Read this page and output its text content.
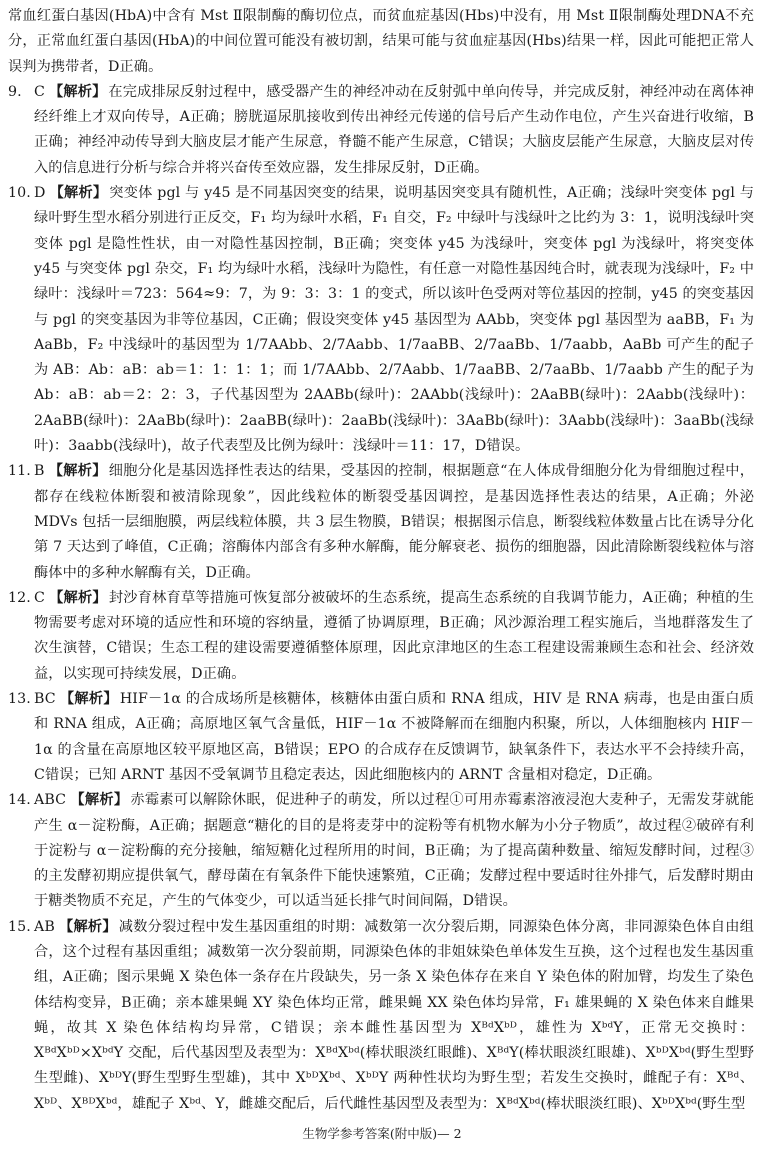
常血红蛋白基因(HbA)中含有 Mst Ⅱ限制酶的酶切位点，而贫血症基因(Hbs)中没有，用 Mst Ⅱ限制酶处理DNA不充分，正常血红蛋白基因(HbA)的中间位置可能没有被切割，结果可能与贫血症基因(Hbs)结果一样，因此可能把正常人误判为携带者，D正确。

9. C 【解析】 在完成排尿反射过程中，感受器产生的神经冲动在反射弧中单向传导，并完成反射，神经冲动在离体神经纤维上才双向传导，A正确；膀胱逼尿肌接收到传出神经元传递的信号后产生动作电位，产生兴奋进行收缩，B正确；神经冲动传导到大脑皮层才能产生尿意，脊髓不能产生尿意，C错误；大脑皮层能产生尿意，大脑皮层对传入的信息进行分析与综合并将兴奋传至效应器，发生排尿反射，D正确。

10. D 【解析】 突变体 pgl 与 y45 是不同基因突变的结果，说明基因突变具有随机性，A正确；浅绿叶突变体 pgl 与绿叶野生型水稻分别进行正反交，F₁ 均为绿叶水稻，F₁ 自交，F₂ 中绿叶与浅绿叶之比约为 3：1，说明浅绿叶突变体 pgl 是隐性性状，由一对隐性基因控制，B正确；突变体 y45 为浅绿叶，突变体 pgl 为浅绿叶，将突变体 y45 与突变体 pgl 杂交，F₁ 均为绿叶水稻，浅绿叶为隐性，有任意一对隐性基因纯合时，就表现为浅绿叶，F₂ 中绿叶：浅绿叶＝723：564≈9：7，为 9：3：3：1 的变式，所以该叶色受两对等位基因的控制，y45 的突变基因与 pgl 的突变基因为非等位基因，C正确；假设突变体 y45 基因型为 AAbb，突变体 pgl 基因型为 aaBB，F₁ 为 AaBb，F₂ 中浅绿叶的基因型为 1/7AAbb、2/7Aabb、1/7aaBB、2/7aaBb、1/7aabb，AaBb 可产生的配子为 AB：Ab：aB：ab＝1：1：1：1；而 1/7AAbb、2/7Aabb、1/7aaBB、2/7aaBb、1/7aabb 产生的配子为 Ab：aB：ab＝2：2：3，子代基因型为 2AABb(绿叶)：2AAbb(浅绿叶)：2AaBB(绿叶)：2Aabb(浅绿叶)：2AaBB(绿叶)：2AaBb(绿叶)：2aaBB(绿叶)：2aaBb(浅绿叶)：3AaBb(绿叶)：3Aabb(浅绿叶)：3aaBb(浅绿叶)：3aabb(浅绿叶)，故子代表型及比例为绿叶：浅绿叶＝11：17，D错误。

11. B 【解析】 细胞分化是基因选择性表达的结果，受基因的控制，根据题意“在人体成骨细胞分化为骨细胞过程中，都存在线粒体断裂和被清除现象”，因此线粒体的断裂受基因调控，是基因选择性表达的结果，A正确；外泌 MDVs 包括一层细胞膜，两层线粒体膜，共 3 层生物膜，B错误；根据图示信息，断裂线粒体数量占比在诱导分化第 7 天达到了峰值，C正确；溶酶体内部含有多种水解酶，能分解衰老、损伤的细胞器，因此清除断裂线粒体与溶酶体中的多种水解酶有关，D正确。

12. C 【解析】 封沙育林育草等措施可恢复部分被破坏的生态系统，提高生态系统的自我调节能力，A正确；种植的生物需要考虑对环境的适应性和环境的容纳量，遵循了协调原理，B正确；风沙源治理工程实施后，当地群落发生了次生演替，C错误；生态工程的建设需要遵循整体原理，因此京津地区的生态工程建设需兼顾生态和社会、经济效益，以实现可持续发展，D正确。

13. BC 【解析】 HIF－1α 的合成场所是核糖体，核糖体由蛋白质和 RNA 组成，HIV 是 RNA 病毒，也是由蛋白质和 RNA 组成，A正确；高原地区氧气含量低，HIF－1α 不被降解而在细胞内积聚，所以，人体细胞核内 HIF－1α 的含量在高原地区较平原地区高，B错误；EPO 的合成存在反馈调节，缺氧条件下，表达水平不会持续升高，C错误；已知 ARNT 基因不受氧调节且稳定表达，因此细胞核内的 ARNT 含量相对稳定，D正确。

14. ABC 【解析】 赤霉素可以解除休眠，促进种子的萌发，所以过程①可用赤霉素溶液浸泡大麦种子，无需发芽就能产生 α－淀粉酶，A正确；据题意“糖化的目的是将麦芽中的淀粉等有机物水解为小分子物质”，故过程②破碎有利于淀粉与 α－淀粉酶的充分接触，缩短糖化过程所用的时间，B正确；为了提高菌种数量、缩短发酵时间，过程③的主发酵初期应提供氧气，酵母菌在有氧条件下能快速繁殖，C正确；发酵过程中要适时往外排气，后发酵时期由于糖类物质不充足，产生的气体变少，可以适当延长排气时间间隔，D错误。

15. AB 【解析】 减数分裂过程中发生基因重组的时期：减数第一次分裂后期，同源染色体分离，非同源染色体自由组合，这个过程有基因重组；减数第一次分裂前期，同源染色体的非姐妹染色单体发生互换，这个过程也发生基因重组，A正确；图示果蝇 X 染色体一条存在片段缺失，另一条 X 染色体存在来自 Y 染色体的附加臂，均发生了染色体结构变异，B正确；亲本雄果蝇 XY 染色体均正常，雌果蝇 XX 染色体均异常，F₁ 雄果蝇的 X 染色体来自雌果蝇，故其 X 染色体结构均异常，C错误；亲本雌性基因型为 XᴮᵈXᵇᴰ，雄性为 XᵇᵈY，正常无交换时：XᴮᵈXᵇᴰ×XᵇᵈY 交配，后代基因型及表型为：XᴮᵈXᵇᵈ(棒状眼淡红眼雌)、XᴮᵈY(棒状眼淡红眼雄)、XᵇᴰXᵇᵈ(野生型野生型雌)、XᵇᴰY(野生型野生型雄)，其中 XᵇᴰXᵇᵈ、XᵇᴰY 两种性状均为野生型；若发生交换时，雌配子有：Xᴮᵈ、Xᵇᴰ、XᴮᴰXᵇᵈ，雄配子 Xᵇᵈ、Y，雌雄交配后，后代雌性基因型及表型为：XᴮᵈXᵇᵈ(棒状眼淡红眼)、XᵇᴰXᵇᵈ(野生型

生物学参考答案(附中版)— 2
